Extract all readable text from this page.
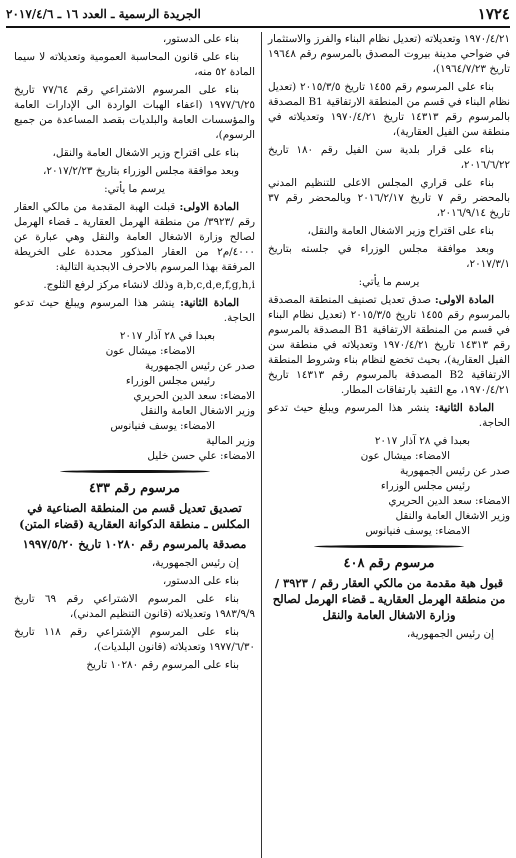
١٧٢٤
الجريدة الرسمية ـ العدد ١٦ ـ ٢٠١٧/٤/٦

١٩٧٠/٤/٢١ وتعديلاته (تعديل نظام البناء والفرز والاستثمار في ضواحي مدينة بيروت المصدق بالمرسوم رقم ١٩٦٤٨ تاريخ ١٩٦٤/٧/٢٣)،

بناء على المرسوم رقم ١٤٥٥ تاريخ ٢٠١٥/٣/٥ (تعديل نظام البناء في قسم من المنطقة الارتفاقية B1 المصدقة بالمرسوم رقم ١٤٣١٣ تاريخ ١٩٧٠/٤/٢١ وتعديلاته في منطقة سن الفيل العقارية)،

بناء على قرار بلدية سن الفيل رقم ١٨٠ تاريخ ٢٠١٦/٦/٢٢،

بناء على قراري المجلس الاعلى للتنظيم المدني بالمحضر رقم ٧ تاريخ ٢٠١٦/٢/١٧ وبالمحضر رقم ٣٧ تاريخ ٢٠١٦/٩/١٤،

بناء على اقتراح وزير الاشغال العامة والنقل،

وبعد موافقة مجلس الوزراء في جلسته بتاريخ ٢٠١٧/٣/١،

يرسم ما يأتي:

المادة الاولى: صدق تعديل تصنيف المنطقة المصدقة بالمرسوم رقم ١٤٥٥ تاريخ ٢٠١٥/٣/٥ (تعديل نظام البناء في قسم من المنطقة الارتفاقية B1 المصدقة بالمرسوم رقم ١٤٣١٣ تاريخ ١٩٧٠/٤/٢١ وتعديلاته في منطقة سن الفيل العقارية)، بحيث تخضع لنظام بناء وشروط المنطقة الارتفاقية B2 المصدقة بالمرسوم رقم ١٤٣١٣ تاريخ ١٩٧٠/٤/٢١، مع التقيد بارتفاقات المطار.

المادة الثانية: ينشر هذا المرسوم ويبلغ حيث تدعو الحاجة.

بعبدا في ٢٨ آذار ٢٠١٧

الامضاء: ميشال عون

صدر عن رئيس الجمهورية

رئيس مجلس الوزراء

الامضاء: سعد الدين الحريري

وزير الاشغال العامة والنقل

الامضاء: يوسف فنيانوس

مرسوم رقم ٤٠٨

قبول هبة مقدمة من مالكي العقار رقم / ٣٩٢٣ / من منطقة الهرمل العقارية ـ قضاء الهرمل لصالح وزارة الاشغال العامة والنقل

إن رئيس الجمهورية،

بناء على الدستور،

بناء على قانون المحاسبة العمومية وتعديلاته لا سيما المادة ٥٢ منه،

بناء على المرسوم الاشتراعي رقم ٧٧/٦٤ تاريخ ١٩٧٧/٦/٢٥ (اعفاء الهبات الواردة الى الإدارات العامة والمؤسسات العامة والبلديات بقصد المساعدة من جميع الرسوم)،

بناء على اقتراح وزير الاشغال العامة والنقل،

وبعد موافقة مجلس الوزراء بتاريخ ٢٠١٧/٢/٢٣،

يرسم ما يأتي:

المادة الاولى: قبلت الهبة المقدمة من مالكي العقار رقم /٣٩٢٣/ من منطقة الهرمل العقارية ـ قضاء الهرمل لصالح وزارة الاشغال العامة والنقل وهي عبارة عن ٤٠٠٠/م٢ من العقار المذكور محددة على الخريطة المرفقة بهذا المرسوم بالاحرف الابجدية التالية:

a,b,c,d,e,f,g,h,i وذلك لانشاء مركز لرفع الثلوج.

المادة الثانية: ينشر هذا المرسوم ويبلغ حيث تدعو الحاجة.

بعبدا في ٢٨ آذار ٢٠١٧

الامضاء: ميشال عون

صدر عن رئيس الجمهورية

رئيس مجلس الوزراء

الامضاء: سعد الدين الحريري

وزير الاشغال العامة والنقل

الامضاء: يوسف فنيانوس

وزير المالية

الامضاء: علي حسن خليل

مرسوم رقم ٤٣٣

تصديق تعديل قسم من المنطقة الصناعية في المكلس ـ منطقة الدكوانة العقارية (قضاء المتن)

مصدقة بالمرسوم رقم ١٠٢٨٠ تاريخ ١٩٩٧/٥/٢٠

إن رئيس الجمهورية،

بناء على الدستور،

بناء على المرسوم الاشتراعي رقم ٦٩ تاريخ ١٩٨٣/٩/٩ وتعديلاته (قانون التنظيم المدني)،

بناء على المرسوم الإشتراعي رقم ١١٨ تاريخ ١٩٧٧/٦/٣٠ وتعديلاته (قانون البلديات)،

بناء على المرسوم رقم ١٠٢٨٠ تاريخ
